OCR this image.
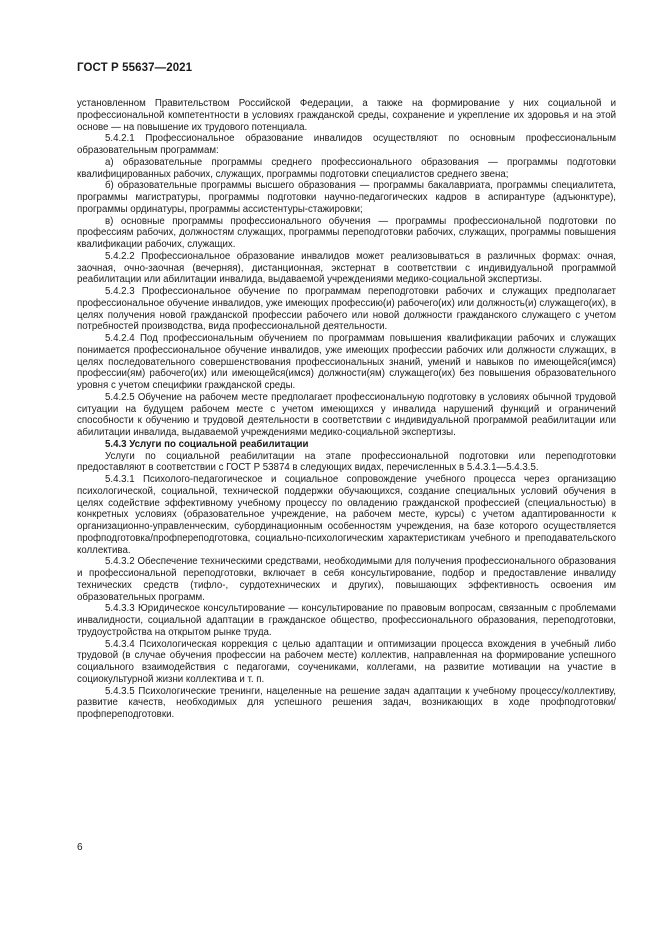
ГОСТ Р 55637—2021

установленном Правительством Российской Федерации, а также на формирование у них социальной и профессиональной компетентности в условиях гражданской среды, сохранение и укрепление их здоровья и на этой основе — на повышение их трудового потенциала.

5.4.2.1 Профессиональное образование инвалидов осуществляют по основным профессиональным образовательным программам:

а) образовательные программы среднего профессионального образования — программы подготовки квалифицированных рабочих, служащих, программы подготовки специалистов среднего звена;

б) образовательные программы высшего образования — программы бакалавриата, программы специалитета, программы магистратуры, программы подготовки научно-педагогических кадров в аспирантуре (адъюнктуре), программы ординатуры, программы ассистентуры-стажировки;

в) основные программы профессионального обучения — программы профессиональной подготовки по профессиям рабочих, должностям служащих, программы переподготовки рабочих, служащих, программы повышения квалификации рабочих, служащих.

5.4.2.2 Профессиональное образование инвалидов может реализовываться в различных формах: очная, заочная, очно-заочная (вечерняя), дистанционная, экстернат в соответствии с индивидуальной программой реабилитации или абилитации инвалида, выдаваемой учреждениями медико-социальной экспертизы.

5.4.2.3 Профессиональное обучение по программам переподготовки рабочих и служащих предполагает профессиональное обучение инвалидов, уже имеющих профессию(и) рабочего(их) или должность(и) служащего(их), в целях получения новой гражданской профессии рабочего или новой должности гражданского служащего с учетом потребностей производства, вида профессиональной деятельности.

5.4.2.4 Под профессиональным обучением по программам повышения квалификации рабочих и служащих понимается профессиональное обучение инвалидов, уже имеющих профессии рабочих или должности служащих, в целях последовательного совершенствования профессиональных знаний, умений и навыков по имеющейся(имся) профессии(ям) рабочего(их) или имеющейся(имся) должности(ям) служащего(их) без повышения образовательного уровня с учетом специфики гражданской среды.

5.4.2.5 Обучение на рабочем месте предполагает профессиональную подготовку в условиях обычной трудовой ситуации на будущем рабочем месте с учетом имеющихся у инвалида нарушений функций и ограничений способности к обучению и трудовой деятельности в соответствии с индивидуальной программой реабилитации или абилитации инвалида, выдаваемой учреждениями медико-социальной экспертизы.

5.4.3 Услуги по социальной реабилитации

Услуги по социальной реабилитации на этапе профессиональной подготовки или переподготовки предоставляют в соответствии с ГОСТ Р 53874 в следующих видах, перечисленных в 5.4.3.1—5.4.3.5.

5.4.3.1 Психолого-педагогическое и социальное сопровождение учебного процесса через организацию психологической, социальной, технической поддержки обучающихся, создание специальных условий обучения в целях содействие эффективному учебному процессу по овладению гражданской профессией (специальностью) в конкретных условиях (образовательное учреждение, на рабочем месте, курсы) с учетом адаптированности к организационно-управленческим, субординационным особенностям учреждения, на базе которого осуществляется профподготовка/профпереподготовка, социально-психологическим характеристикам учебного и преподавательского коллектива.

5.4.3.2 Обеспечение техническими средствами, необходимыми для получения профессионального образования и профессиональной переподготовки, включает в себя консультирование, подбор и предоставление инвалиду технических средств (тифло-, сурдотехнических и других), повышающих эффективность освоения им образовательных программ.

5.4.3.3 Юридическое консультирование — консультирование по правовым вопросам, связанным с проблемами инвалидности, социальной адаптации в гражданское общество, профессионального образования, переподготовки, трудоустройства на открытом рынке труда.

5.4.3.4 Психологическая коррекция с целью адаптации и оптимизации процесса вхождения в учебный либо трудовой (в случае обучения профессии на рабочем месте) коллектив, направленная на формирование успешного социального взаимодействия с педагогами, соучениками, коллегами, на развитие мотивации на участие в социокультурной жизни коллектива и т. п.

5.4.3.5 Психологические тренинги, нацеленные на решение задач адаптации к учебному процессу/коллективу, развитие качеств, необходимых для успешного решения задач, возникающих в ходе профподготовки/профпереподготовки.

6
